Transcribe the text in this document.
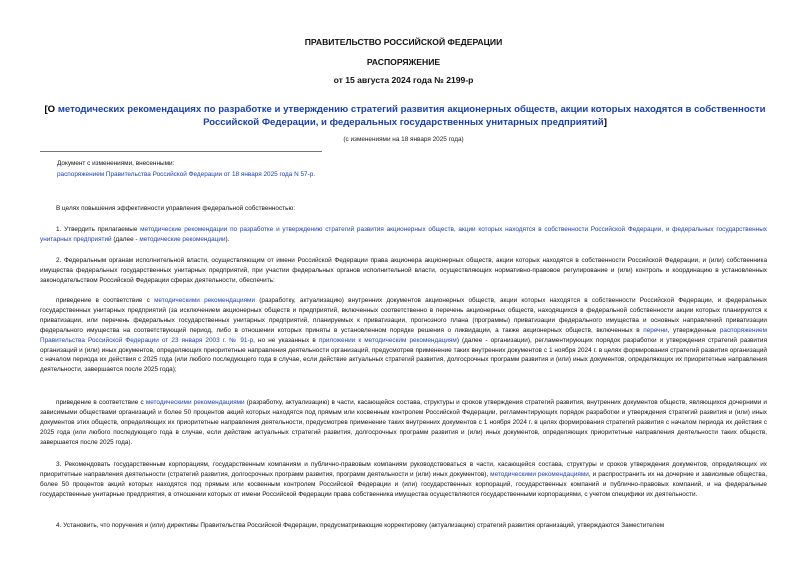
ПРАВИТЕЛЬСТВО РОССИЙСКОЙ ФЕДЕРАЦИИ
РАСПОРЯЖЕНИЕ
от 15 августа 2024 года № 2199-р
[О методических рекомендациях по разработке и утверждению стратегий развития акционерных обществ, акции которых находятся в собственности Российской Федерации, и федеральных государственных унитарных предприятий]
(с изменениями на 18 января 2025 года)
Документ с изменениями, внесенными:
распоряжением Правительства Российской Федерации от 18 января 2025 года N 57-р.
В целях повышения эффективности управления федеральной собственностью:
1. Утвердить прилагаемые методические рекомендации по разработке и утверждению стратегий развития акционерных обществ, акции которых находятся в собственности Российской Федерации, и федеральных государственных унитарных предприятий (далее - методические рекомендации).
2. Федеральным органам исполнительной власти, осуществляющим от имени Российской Федерации права акционера акционерных обществ, акции которых находятся в собственности Российской Федерации, и (или) собственника имущества федеральных государственных унитарных предприятий, при участии федеральных органов исполнительной власти, осуществляющих нормативно-правовое регулирование и (или) контроль и координацию в установленных законодательством Российской Федерации сферах деятельности, обеспечить:
приведение в соответствие с методическими рекомендациями (разработку, актуализацию) внутренних документов акционерных обществ, акции которых находятся в собственности Российской Федерации, и федеральных государственных унитарных предприятий (за исключением акционерных обществ и предприятий, включенных соответственно в перечень акционерных обществ, находящихся в федеральной собственности акции которых планируются к приватизации, или перечень федеральных государственных унитарных предприятий, планируемых к приватизации, прогнозного плана (программы) приватизации федерального имущества и основных направлений приватизации федерального имущества на соответствующий период, либо в отношении которых приняты в установленном порядке решения о ликвидации, а также акционерных обществ, включенных в перечни, утвержденные распоряжением Правительства Российской Федерации от 23 января 2003 г. № 91-р, но не указанных в приложении к методическим рекомендациям) (далее - организации), регламентирующих порядок разработки и утверждения стратегий развития организаций и (или) иных документов, определяющих приоритетные направления деятельности организаций, предусмотрев применение таких внутренних документов с 1 ноября 2024 г. в целях формирования стратегий развития организаций с началом периода их действия с 2025 года (или любого последующего года в случае, если действие актуальных стратегий развития, долгосрочных программ развития и (или) иных документов, определяющих их приоритетные направления деятельности, завершается после 2025 года);
приведение в соответствие с методическими рекомендациями (разработку, актуализацию) в части, касающейся состава, структуры и сроков утверждения стратегий развития, внутренних документов обществ, являющихся дочерними и зависимыми обществами организаций и более 50 процентов акций которых находятся под прямым или косвенным контролем Российской Федерации, регламентирующих порядок разработки и утверждения стратегий развития и (или) иных документов этих обществ, определяющих их приоритетные направления деятельности, предусмотрев применение таких внутренних документов с 1 ноября 2024 г. в целях формирования стратегий развития с началом периода их действия с 2025 года (или любого последующего года в случае, если действие актуальных стратегий развития, долгосрочных программ развития и (или) иных документов, определяющих приоритетные направления деятельности таких обществ, завершается после 2025 года).
3. Рекомендовать государственным корпорациям, государственным компаниям и публично-правовым компаниям руководствоваться в части, касающейся состава, структуры и сроков утверждения документов, определяющих их приоритетные направления деятельности (стратегий развития, долгосрочных программ развития, программ деятельности и (или) иных документов), методическими рекомендациями, и распространить их на дочерние и зависимые общества, более 50 процентов акций которых находятся под прямым или косвенным контролем Российской Федерации и (или) государственных корпораций, государственных компаний и публично-правовых компаний, и на федеральные государственные унитарные предприятия, в отношении которых от имени Российской Федерации права собственника имущества осуществляются государственными корпорациями, с учетом специфики их деятельности.
4. Установить, что поручения и (или) директивы Правительства Российской Федерации, предусматривающие корректировку (актуализацию) стратегий развития организаций, утверждаются Заместителем
